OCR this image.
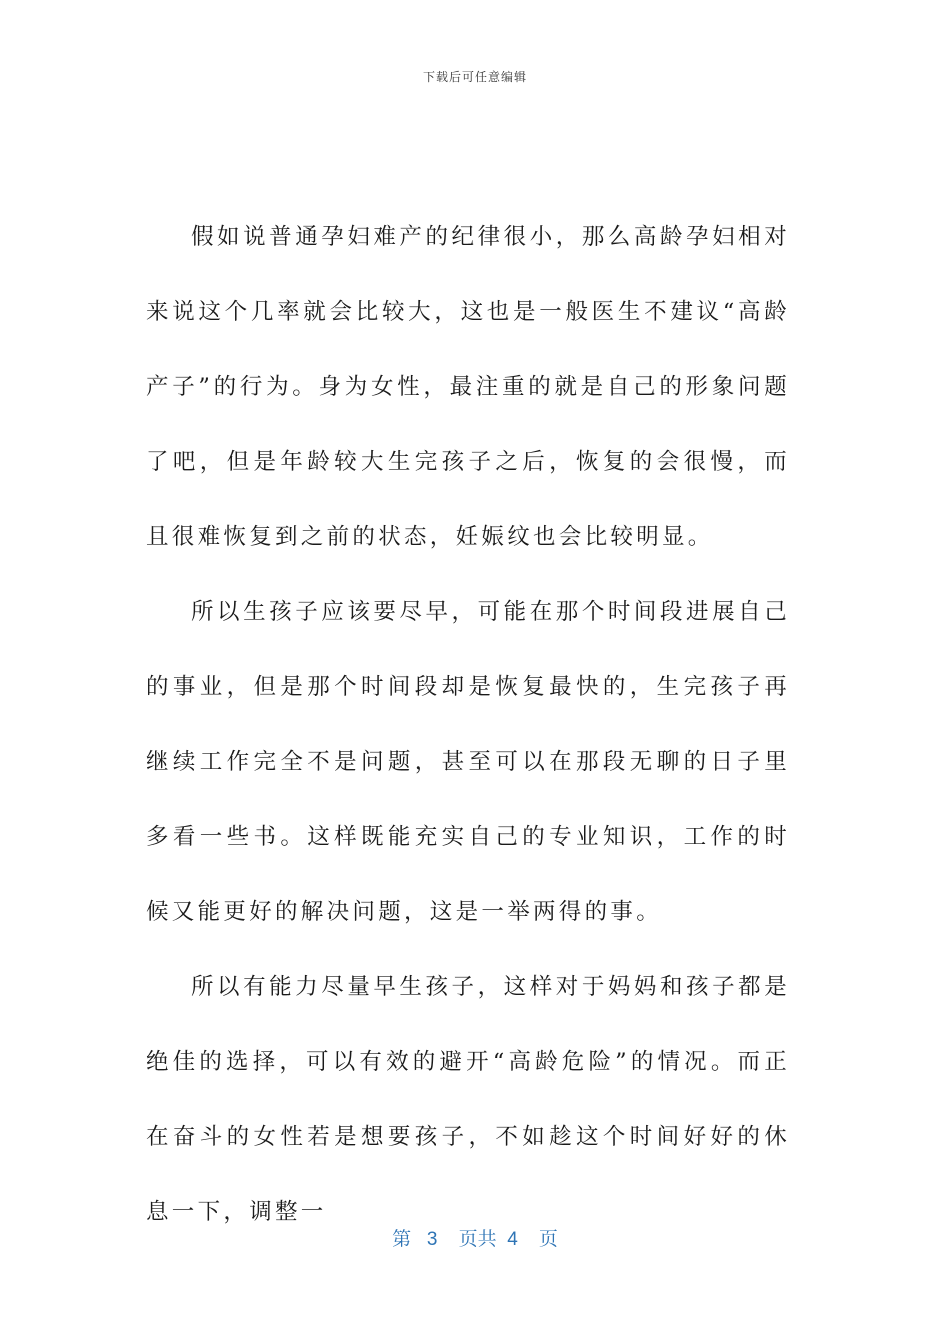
下载后可任意编辑

假如说普通孕妇难产的纪律很小，那么高龄孕妇相对来说这个几率就会比较大，这也是一般医生不建议“高龄产子”的行为。身为女性，最注重的就是自己的形象问题了吧，但是年龄较大生完孩子之后，恢复的会很慢，而且很难恢复到之前的状态，妊娠纹也会比较明显。

所以生孩子应该要尽早，可能在那个时间段进展自己的事业，但是那个时间段却是恢复最快的，生完孩子再继续工作完全不是问题，甚至可以在那段无聊的日子里多看一些书。这样既能充实自己的专业知识，工作的时候又能更好的解决问题，这是一举两得的事。

所以有能力尽量早生孩子，这样对于妈妈和孩子都是绝佳的选择，可以有效的避开“高龄危险”的情况。而正在奋斗的女性若是想要孩子，不如趁这个时间好好的休息一下，调整一

第 3 页共 4 页
